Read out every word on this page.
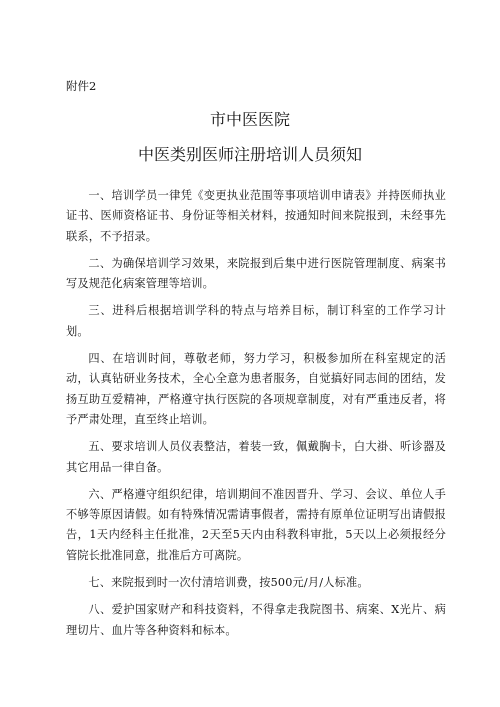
附件2

市中医医院
中医类别医师注册培训人员须知

一、培训学员一律凭《变更执业范围等事项培训申请表》并持医师执业证书、医师资格证书、身份证等相关材料，按通知时间来院报到，未经事先联系，不予招录。

二、为确保培训学习效果，来院报到后集中进行医院管理制度、病案书写及规范化病案管理等培训。

三、进科后根据培训学科的特点与培养目标，制订科室的工作学习计划。

四、在培训时间，尊敬老师，努力学习，积极参加所在科室规定的活动，认真钻研业务技术，全心全意为患者服务，自觉搞好同志间的团结，发扬互助互爱精神，严格遵守执行医院的各项规章制度，对有严重违反者，将予严肃处理，直至终止培训。

五、要求培训人员仪表整洁，着装一致，佩戴胸卡，白大褂、听诊器及其它用品一律自备。

六、严格遵守组织纪律，培训期间不准因晋升、学习、会议、单位人手不够等原因请假。如有特殊情况需请事假者，需持有原单位证明写出请假报告，1天内经科主任批准，2天至5天内由科教科审批，5天以上必须报经分管院长批准同意，批准后方可离院。

七、来院报到时一次付清培训费，按500元/月/人标准。

八、爱护国家财产和科技资料，不得拿走我院图书、病案、X光片、病理切片、血片等各种资料和标本。
